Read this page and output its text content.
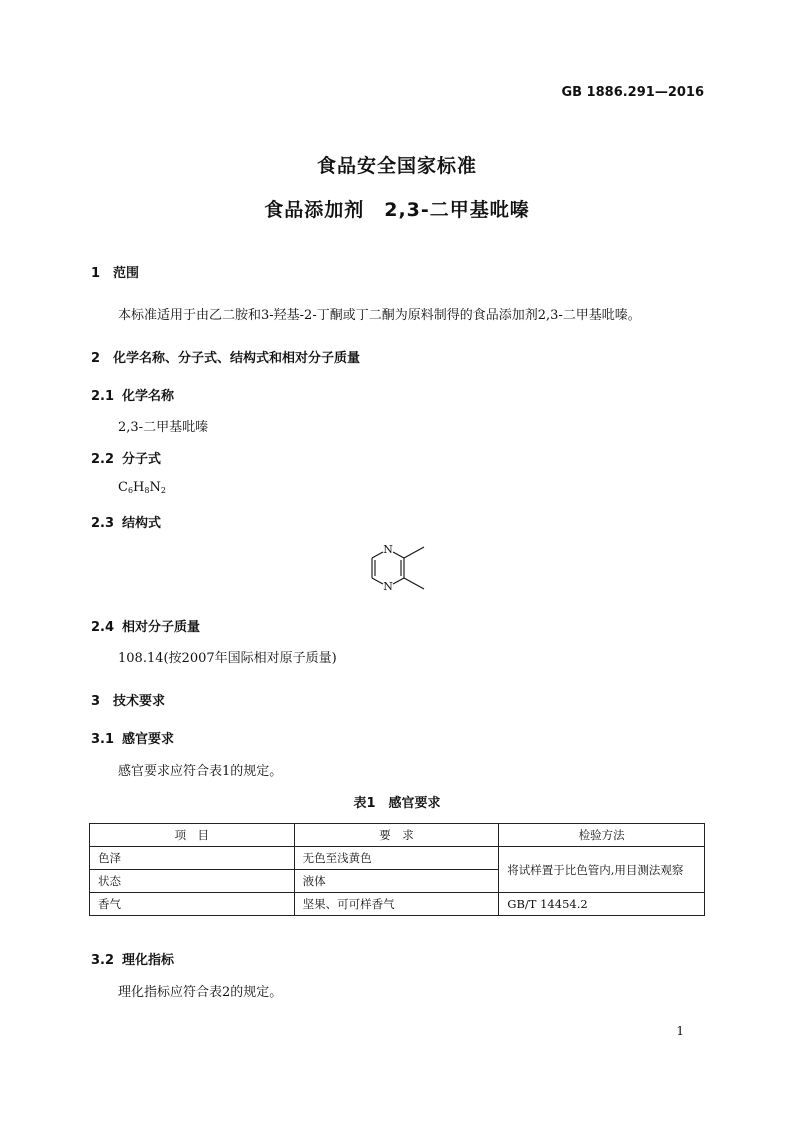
GB 1886.291—2016
食品安全国家标准
食品添加剂　2,3-二甲基吡嗪
1 范围
本标准适用于由乙二胺和3-羟基-2-丁酮或丁二酮为原料制得的食品添加剂2,3-二甲基吡嗪。
2 化学名称、分子式、结构式和相对分子质量
2.1 化学名称
2,3-二甲基吡嗪
2.2 分子式
$C_6H_8N_2$
2.3 结构式
N
N
2.4 相对分子质量
108.14(按2007年国际相对原子质量)
3 技术要求
3.1 感官要求
感官要求应符合表1的规定。
表1　感官要求
项　目	要　求	检验方法
色泽	无色至浅黄色	将试样置于比色管内,用目测法观察
状态	液体	
香气	坚果、可可样香气	GB/T 14454.2
3.2 理化指标
理化指标应符合表2的规定。
1
